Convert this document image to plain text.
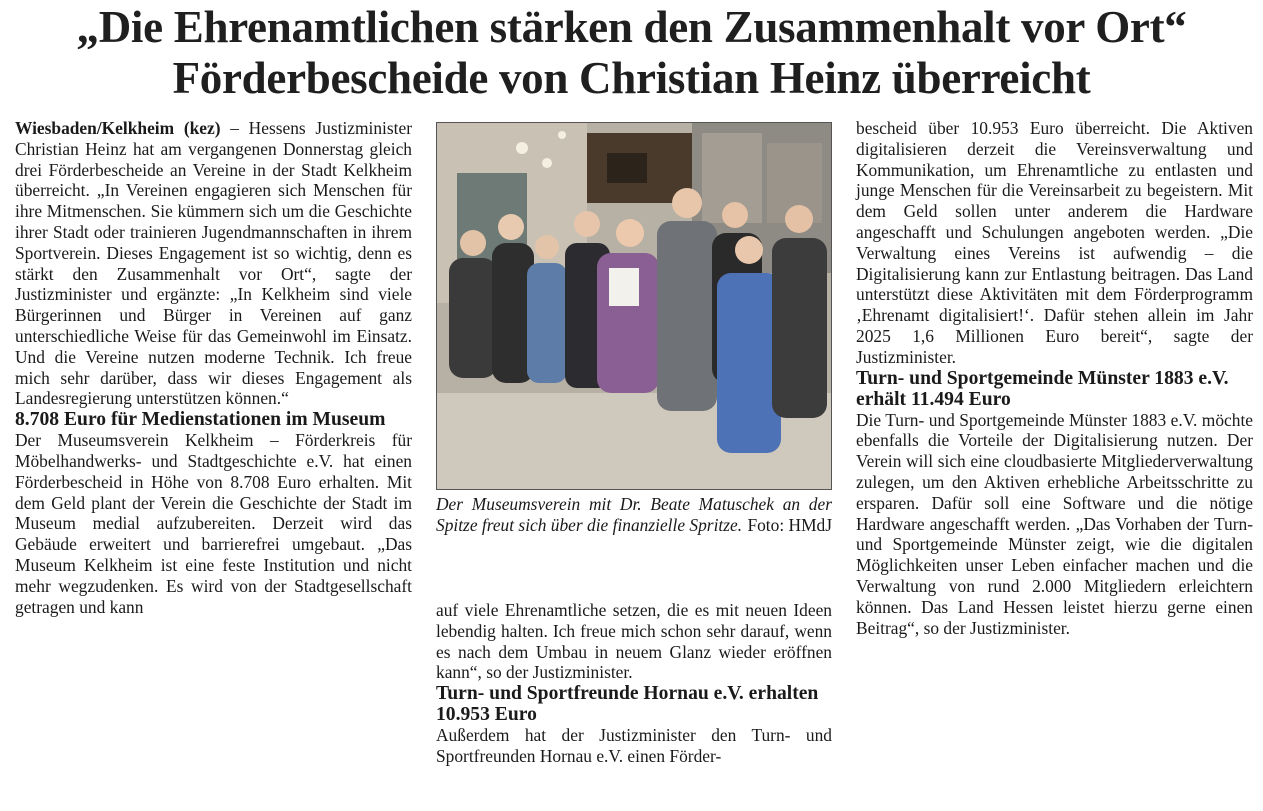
„Die Ehrenamtlichen stärken den Zusammenhalt vor Ort“
Förderbescheide von Christian Heinz überreicht

Wiesbaden/Kelkheim (kez) – Hessens Justizminister Christian Heinz hat am vergangenen Donnerstag gleich drei Förderbescheide an Vereine in der Stadt Kelkheim überreicht. „In Vereinen engagieren sich Menschen für ihre Mitmenschen. Sie kümmern sich um die Geschichte ihrer Stadt oder trainieren Jugendmannschaften in ihrem Sportverein. Dieses Engagement ist so wichtig, denn es stärkt den Zusammenhalt vor Ort“, sagte der Justizminister und ergänzte: „In Kelkheim sind viele Bürgerinnen und Bürger in Vereinen auf ganz unterschiedliche Weise für das Gemeinwohl im Einsatz. Und die Vereine nutzen moderne Technik. Ich freue mich sehr darüber, dass wir dieses Engagement als Landesregierung unterstützen können.“

8.708 Euro für Medienstationen im Museum

Der Museumsverein Kelkheim – Förderkreis für Möbelhandwerks- und Stadtgeschichte e.V. hat einen Förderbescheid in Höhe von 8.708 Euro erhalten. Mit dem Geld plant der Verein die Geschichte der Stadt im Museum medial aufzubereiten. Derzeit wird das Gebäude erweitert und barrierefrei umgebaut. „Das Museum Kelkheim ist eine feste Institution und nicht mehr wegzudenken. Es wird von der Stadtgesellschaft getragen und kann

Der Museumsverein mit Dr. Beate Matuschek an der Spitze freut sich über die finanzielle Spritze. Foto: HMdJ

auf viele Ehrenamtliche setzen, die es mit neuen Ideen lebendig halten. Ich freue mich schon sehr darauf, wenn es nach dem Umbau in neuem Glanz wieder eröffnen kann“, so der Justizminister.

Turn- und Sportfreunde Hornau e.V. erhalten 10.953 Euro

Außerdem hat der Justizminister den Turn- und Sportfreunden Hornau e.V. einen Förder-

bescheid über 10.953 Euro überreicht. Die Aktiven digitalisieren derzeit die Vereinsverwaltung und Kommunikation, um Ehrenamtliche zu entlasten und junge Menschen für die Vereinsarbeit zu begeistern. Mit dem Geld sollen unter anderem die Hardware angeschafft und Schulungen angeboten werden. „Die Verwaltung eines Vereins ist aufwendig – die Digitalisierung kann zur Entlastung beitragen. Das Land unterstützt diese Aktivitäten mit dem Förderprogramm ‚Ehrenamt digitalisiert!‘. Dafür stehen allein im Jahr 2025 1,6 Millionen Euro bereit“, sagte der Justizminister.

Turn- und Sportgemeinde Münster 1883 e.V. erhält 11.494 Euro

Die Turn- und Sportgemeinde Münster 1883 e.V. möchte ebenfalls die Vorteile der Digitalisierung nutzen. Der Verein will sich eine cloudbasierte Mitgliederverwaltung zulegen, um den Aktiven erhebliche Arbeitsschritte zu ersparen. Dafür soll eine Software und die nötige Hardware angeschafft werden. „Das Vorhaben der Turn- und Sportgemeinde Münster zeigt, wie die digitalen Möglichkeiten unser Leben einfacher machen und die Verwaltung von rund 2.000 Mitgliedern erleichtern können. Das Land Hessen leistet hierzu gerne einen Beitrag“, so der Justizminister.
